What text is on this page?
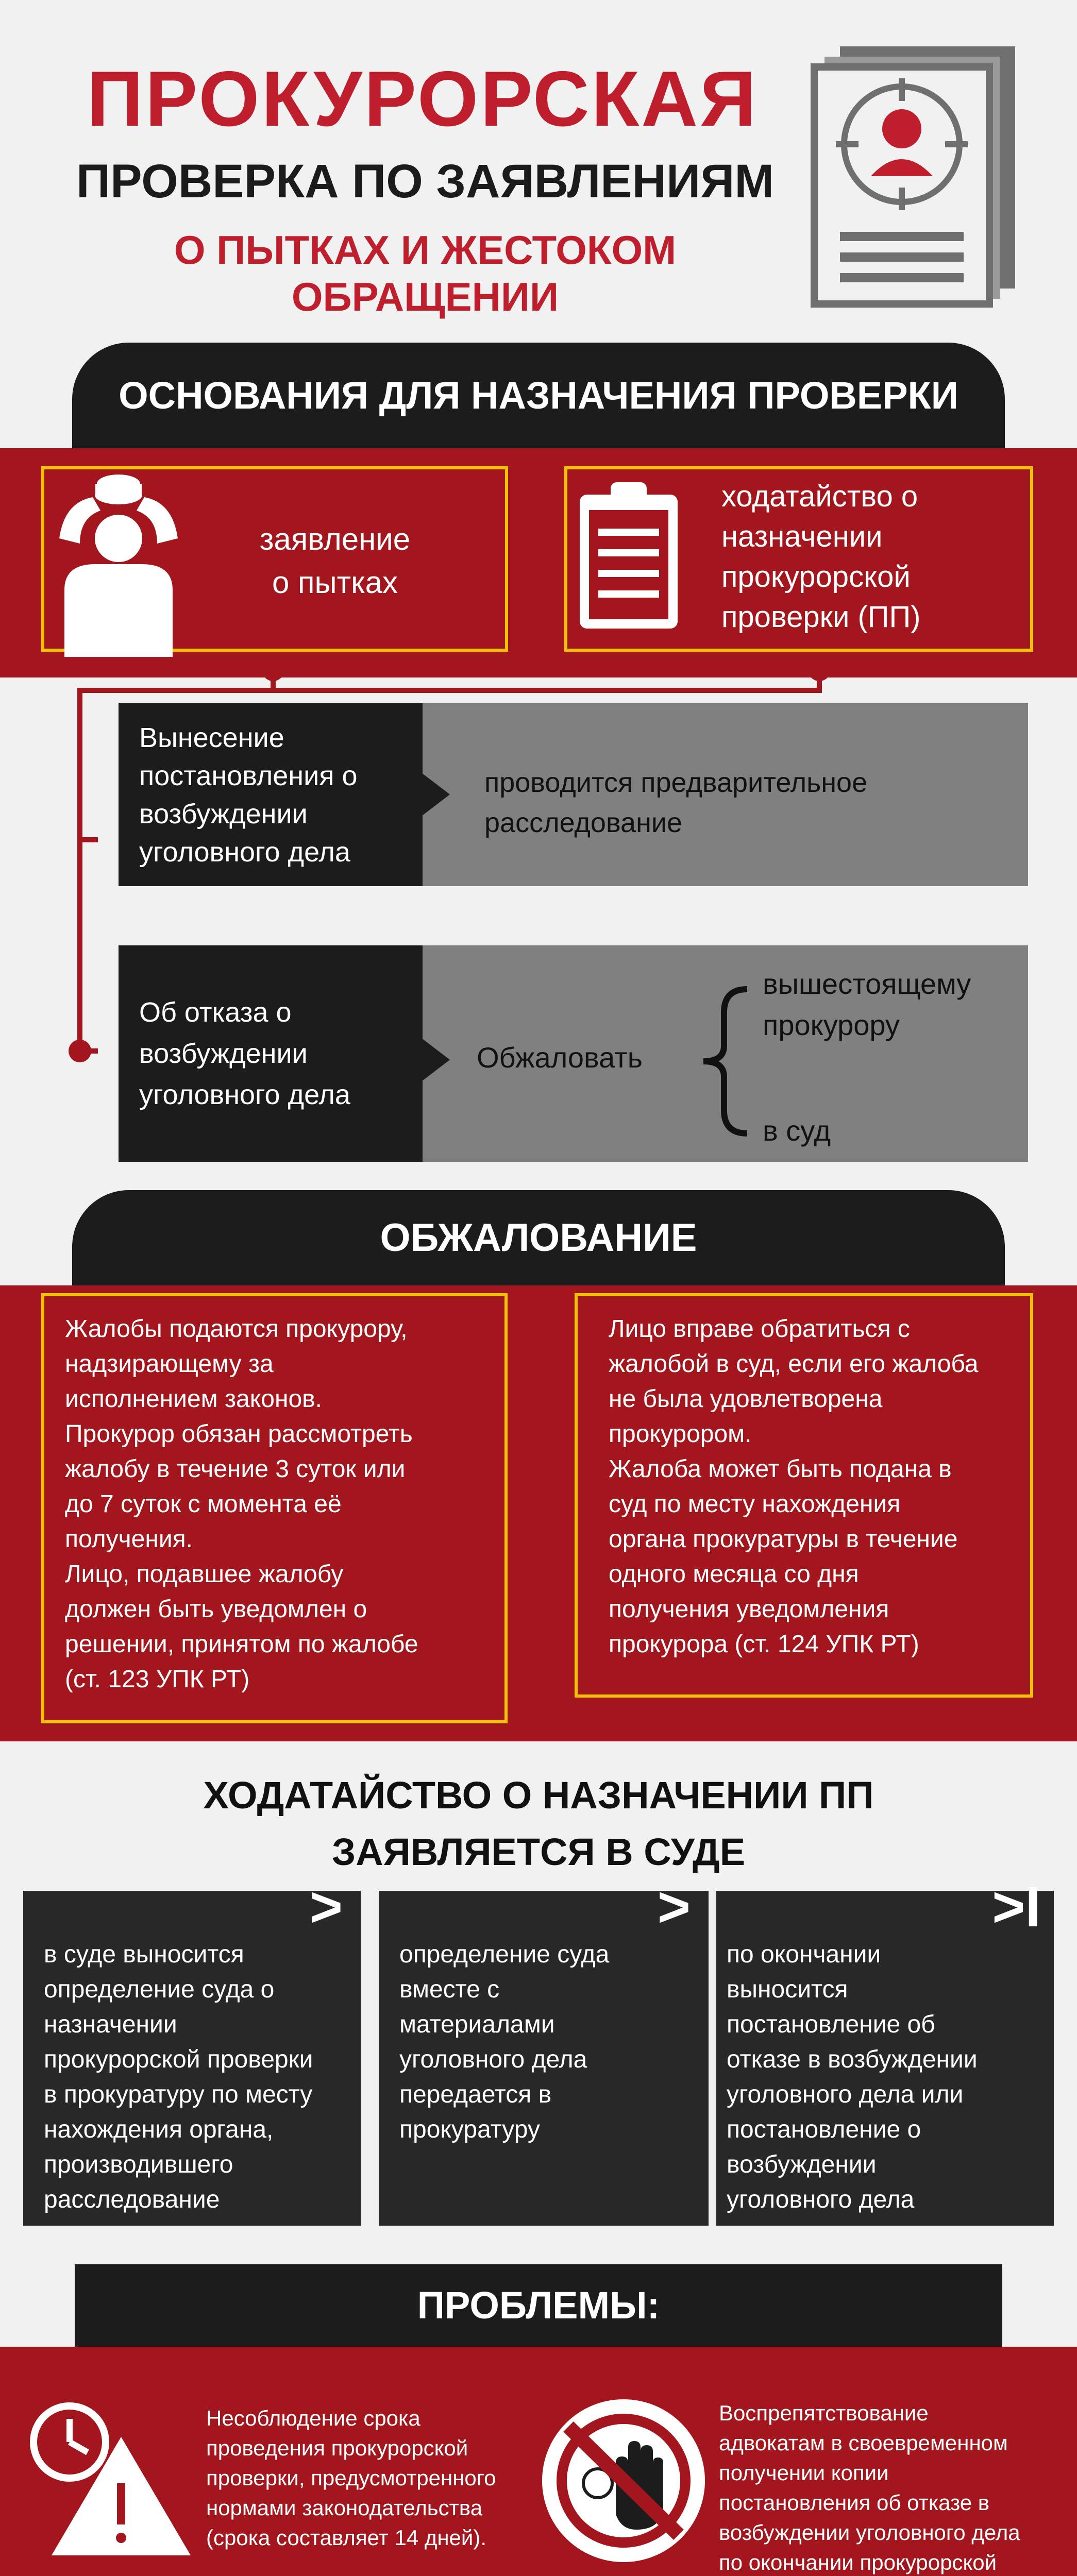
ПРОКУРОРСКАЯ
ПРОВЕРКА ПО ЗАЯВЛЕНИЯМ
О ПЫТКАХ И ЖЕСТОКОМ ОБРАЩЕНИИ
ОСНОВАНИЯ ДЛЯ НАЗНАЧЕНИЯ ПРОВЕРКИ
заявление
о пытках
ходатайство о
назначении
прокурорской
проверки (ПП)
Вынесение
постановления о
возбуждении
уголовного дела
проводится предварительное
расследование
Об отказа о
возбуждении
уголовного дела
Обжаловать
вышестоящему
прокурору
в суд
ОБЖАЛОВАНИЕ
Жалобы подаются прокурору,
надзирающему за
исполнением законов.
Прокурор обязан рассмотреть
жалобу в течение 3 суток или
до 7 суток с момента её
получения.
Лицо, подавшее жалобу
должен быть уведомлен о
решении, принятом по жалобе
(ст. 123 УПК РТ)
Лицо вправе обратиться с
жалобой в суд, если его жалоба
не была удовлетворена
прокурором.
Жалоба может быть подана в
суд по месту нахождения
органа прокуратуры в течение
одного месяца со дня
получения уведомления
прокурора (ст. 124 УПК РТ)
ХОДАТАЙСТВО О НАЗНАЧЕНИИ ПП
ЗАЯВЛЯЕТСЯ В СУДЕ
>
в суде выносится
определение суда о
назначении
прокурорской проверки
в прокуратуру по месту
нахождения органа,
производившего
расследование
>
определение суда
вместе с
материалами
уголовного дела
передается в
прокуратуру
>I
по окончании
выносится
постановление об
отказе в возбуждении
уголовного дела или
постановление о
возбуждении
уголовного дела
ПРОБЛЕМЫ:
Несоблюдение срока
проведения прокурорской
проверки, предусмотренного
нормами законодательства
(срока составляет 14 дней).
Воспрепятствование
адвокатам в своевременном
получении копии
постановления об отказе в
возбуждении уголовного дела
по окончании прокурорской
